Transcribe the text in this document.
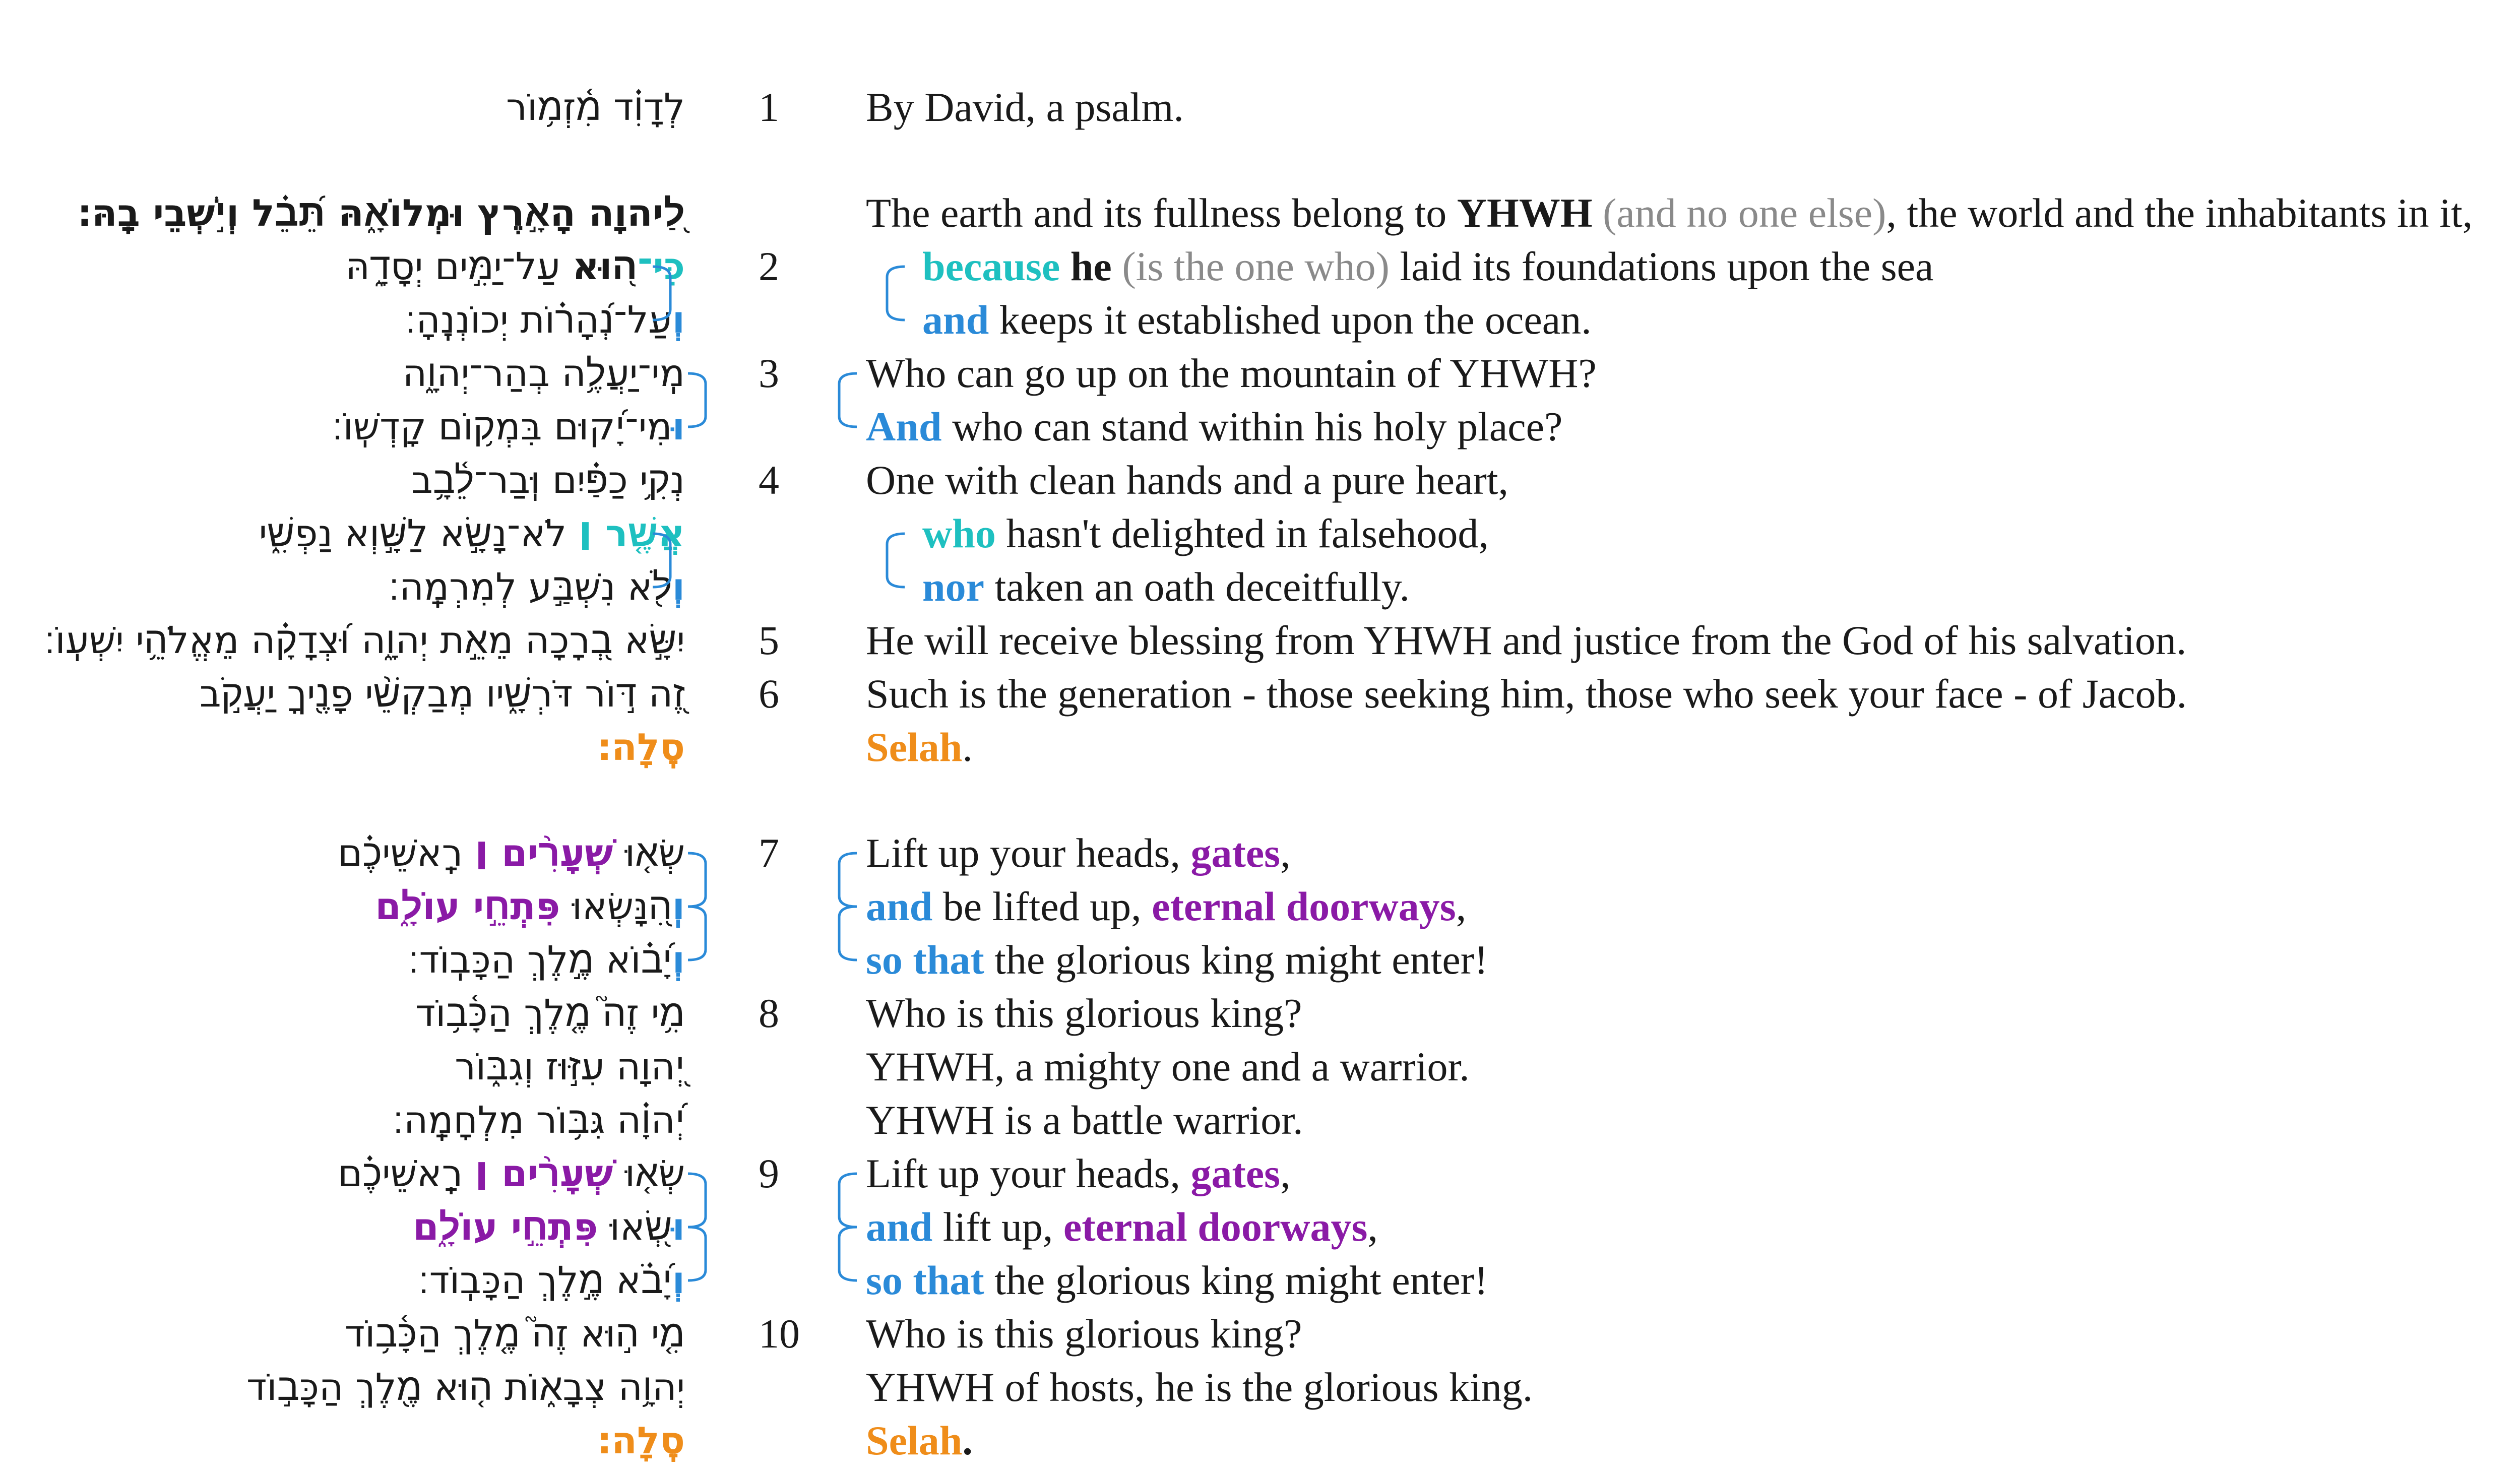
לְדָוִ֗ד מִ֫זְמ֥וֹר 1 By David, a psalm.
לַ֭יהוָה הָאָ֣רֶץ וּמְלוֹאָ֑הּ תֵּ֝בֵ֗ל וְיֹ֣שְׁבֵי בָֽהּ׃	The earth and its fullness belong to YHWH (and no one else), the world and the inhabitants in it,
כִּי־ה֭וּא עַל־יַמִּ֣ים יְסָדָ֑הּ	2	because he (is the one who) laid its foundations upon the sea
וְעַל־נְ֝הָר֗וֹת יְכוֹנְנֶֽהָ׃	and keeps it established upon the ocean.
מִֽי־יַעֲלֶ֥ה בְהַר־יְהוָ֑ה 3 Who can go up on the mountain of YHWH?
וּמִי־יָ֝קוּם בִּמְק֥וֹם קָדְשֽׁוֹ׃	And who can stand within his holy place?
נְקִ֥י כַפַּ֗יִם וּֽבַר־לֵ֫בָ֥ב 4 One with clean hands and a pure heart,
אֲשֶׁ֤ר ׀ לֹא־נָשָׂ֣א לַשָּׁ֣וְא נַפְשִׁ֑י	who hasn't delighted in falsehood,
וְלֹ֖א נִשְׁבַּ֣ע לְמִרְמָֽה׃	nor taken an oath deceitfully.
יִשָּׂ֣א בְ֭רָכָה מֵאֵ֣ת יְהוָ֑ה וּ֝צְדָקָ֗ה מֵאֱלֹהֵ֥י יִשְׁעֽוֹ׃ 5 He will receive blessing from YHWH and justice from the God of his salvation.
זֶ֭ה דּ֣וֹר דֹּרְשָׁ֑יו מְבַקְשֵׁ֨י פָנֶ֖יךָ יַעֲקֹ֣ב 6 Such is the generation - those seeking him, those who seek your face - of Jacob.
סֶֽלָה׃	Selah.
שְׂא֤וּ שְׁעָרִ֨ים ׀ רָֽאשֵׁיכֶ֗ם	7 Lift up your heads, gates,
וְֽהִ֭נָּשְׂאוּ פִּתְחֵ֣י עוֹלָ֑ם	and be lifted up, eternal doorways,
וְיָ֝ב֗וֹא מֶ֣לֶךְ הַכָּבֽוֹד׃	so that the glorious king might enter!
מִ֥י זֶה֮ מֶ֤לֶךְ הַכָּ֫ב֥וֹד 8 Who is this glorious king?
יְ֭הוָה עִזּ֣וּז וְגִבּ֑וֹר	YHWH, a mighty one and a warrior.
יְ֝הוָ֗ה גִּבּ֥וֹר מִלְחָמָֽה׃	YHWH is a battle warrior.
שְׂא֤וּ שְׁעָרִ֨ים ׀ רָֽאשֵׁיכֶ֗ם	9 Lift up your heads, gates,
וּשְׂ֭אוּ פִּתְחֵ֣י עוֹלָ֑ם	and lift up, eternal doorways,
וְיָ֝בֹ֗א מֶ֣לֶךְ הַכָּבֽוֹד׃	so that the glorious king might enter!
מִ֤י ה֣וּא זֶה֮ מֶ֤לֶךְ הַכָּ֫ב֥וֹד 10 Who is this glorious king?
יְהוָ֥ה צְבָא֑וֹת ה֤וּא מֶ֖לֶךְ הַכָּב֣וֹד	YHWH of hosts, he is the glorious king.
סֶֽלָה׃	Selah.
